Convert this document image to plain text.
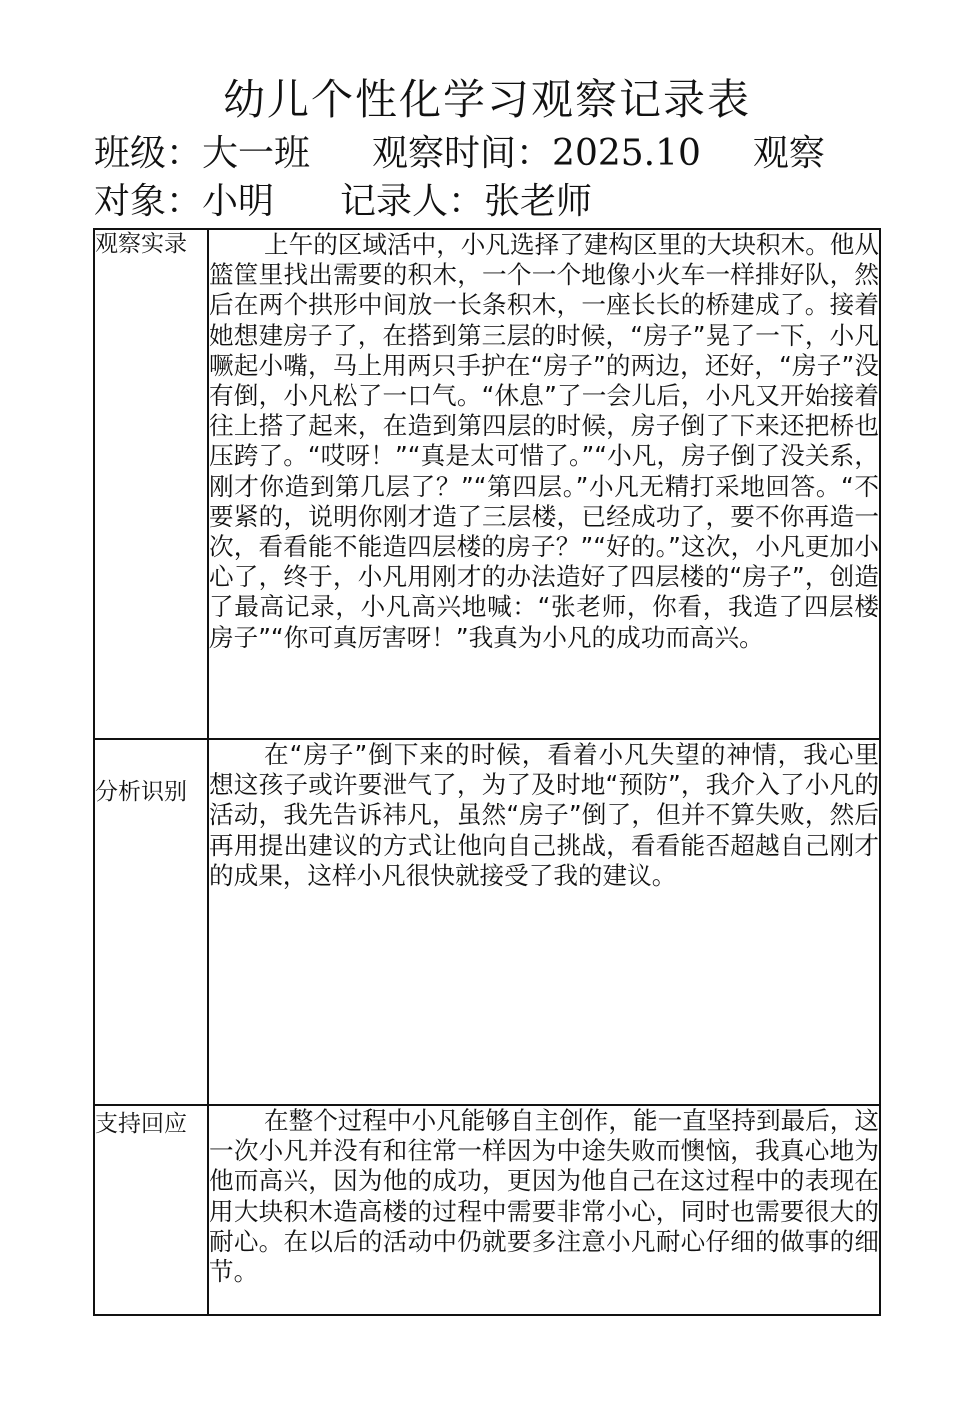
幼儿个性化学习观察记录表
班级：大一班 观察时间：2025.10 观察
对象：小明 记录人：张老师
观察实录	上午的区域活中，小凡选择了建构区里的大块积木。他从篮筐里找出需要的积木，一个一个地像小火车一样排好队，然后在两个拱形中间放一长条积木，一座长长的桥建成了。接着她想建房子了，在搭到第三层的时候，“房子”晃了一下，小凡噘起小嘴，马上用两只手护在“房子”的两边，还好，“房子”没有倒，小凡松了一口气。“休息”了一会儿后，小凡又开始接着往上搭了起来，在造到第四层的时候，房子倒了下来还把桥也压跨了。“哎呀！”“真是太可惜了。”“小凡，房子倒了没关系，刚才你造到第几层了？”“第四层。”小凡无精打采地回答。“不要紧的，说明你刚才造了三层楼，已经成功了，要不你再造一次，看看能不能造四层楼的房子？”“好的。”这次，小凡更加小心了，终于，小凡用刚才的办法造好了四层楼的“房子”，创造了最高记录，小凡高兴地喊：“张老师，你看，我造了四层楼房子”“你可真厉害呀！”我真为小凡的成功而高兴。
分析识别	在“房子”倒下来的时候，看着小凡失望的神情，我心里想这孩子或许要泄气了，为了及时地“预防”，我介入了小凡的活动，我先告诉祎凡，虽然“房子”倒了，但并不算失败，然后再用提出建议的方式让他向自己挑战，看看能否超越自己刚才的成果，这样小凡很快就接受了我的建议。
支持回应	在整个过程中小凡能够自主创作，能一直坚持到最后，这一次小凡并没有和往常一样因为中途失败而懊恼，我真心地为他而高兴，因为他的成功，更因为他自己在这过程中的表现在用大块积木造高楼的过程中需要非常小心，同时也需要很大的耐心。在以后的活动中仍就要多注意小凡耐心仔细的做事的细节。
